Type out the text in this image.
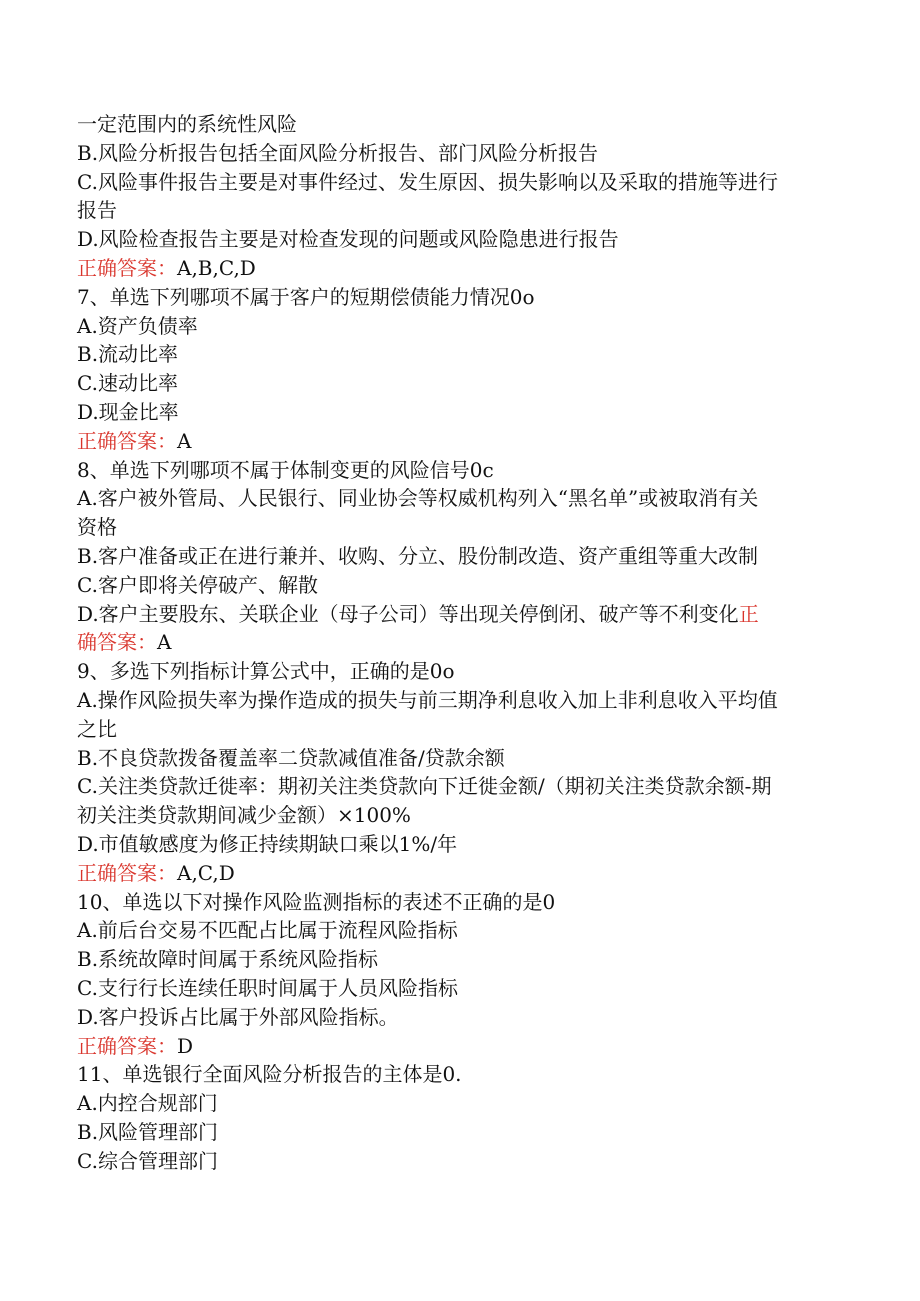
一定范围内的系统性风险
B.风险分析报告包括全面风险分析报告、部门风险分析报告
C.风险事件报告主要是对事件经过、发生原因、损失影响以及采取的措施等进行
报告
D.风险检查报告主要是对检查发现的问题或风险隐患进行报告
正确答案：A,B,C,D
7、单选下列哪项不属于客户的短期偿债能力情况0o
A.资产负债率
B.流动比率
C.速动比率
D.现金比率
正确答案：A
8、单选下列哪项不属于体制变更的风险信号0c
A.客户被外管局、人民银行、同业协会等权威机构列入“黑名单”或被取消有关
资格
B.客户准备或正在进行兼并、收购、分立、股份制改造、资产重组等重大改制
C.客户即将关停破产、解散
D.客户主要股东、关联企业（母子公司）等出现关停倒闭、破产等不利变化正
确答案：A
9、多选下列指标计算公式中，正确的是0o
A.操作风险损失率为操作造成的损失与前三期净利息收入加上非利息收入平均值
之比
B.不良贷款拨备覆盖率二贷款减值准备/贷款余额
C.关注类贷款迁徙率：期初关注类贷款向下迁徙金额/（期初关注类贷款余额-期
初关注类贷款期间减少金额）×100%
D.市值敏感度为修正持续期缺口乘以1%/年
正确答案：A,C,D
10、单选以下对操作风险监测指标的表述不正确的是0
A.前后台交易不匹配占比属于流程风险指标
B.系统故障时间属于系统风险指标
C.支行行长连续任职时间属于人员风险指标
D.客户投诉占比属于外部风险指标。
正确答案：D
11、单选银行全面风险分析报告的主体是0.
A.内控合规部门
B.风险管理部门
C.综合管理部门
